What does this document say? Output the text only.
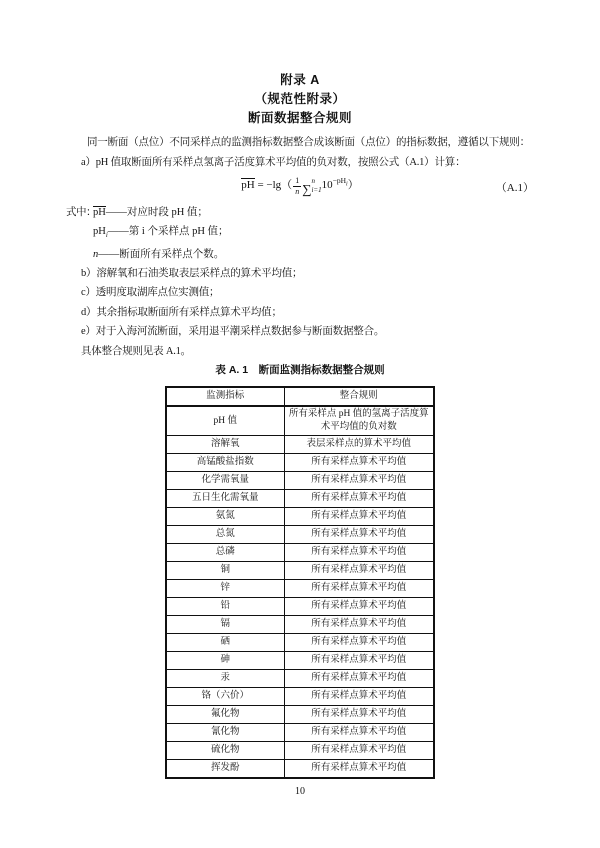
附录 A
（规范性附录）
断面数据整合规则

同一断面（点位）不同采样点的监测指标数据整合成该断面（点位）的指标数据，遵循以下规则：

a）pH 值取断面所有采样点氢离子活度算术平均值的负对数，按照公式（A.1）计算：

pH = $-\lg( \frac{1}{n}$ ∑
n
i=1 $10^{-pH_i}$）	（A.1）
式中：pH——对应时段 pH 值；
$pH_i——$第 i 个采样点 pH 值；
n——断面所有采样点个数。

b）溶解氧和石油类取表层采样点的算术平均值；

c）透明度取湖库点位实测值；

d）其余指标取断面所有采样点算术平均值；

e）对于入海河流断面，采用退平潮采样点数据参与断面数据整合。

具体整合规则见表 A.1。

表 A. 1　断面监测指标数据整合规则
监测指标	整合规则
pH 值	所有采样点 pH 值的氢离子活度算术平均值的负对数
溶解氧	表层采样点的算术平均值
高锰酸盐指数	所有采样点算术平均值
化学需氧量	所有采样点算术平均值
五日生化需氧量	所有采样点算术平均值
氨氮	所有采样点算术平均值
总氮	所有采样点算术平均值
总磷	所有采样点算术平均值
铜	所有采样点算术平均值
锌	所有采样点算术平均值
铅	所有采样点算术平均值
镉	所有采样点算术平均值
硒	所有采样点算术平均值
砷	所有采样点算术平均值
汞	所有采样点算术平均值
铬（六价）	所有采样点算术平均值
氟化物	所有采样点算术平均值
氰化物	所有采样点算术平均值
硫化物	所有采样点算术平均值
挥发酚	所有采样点算术平均值
10
